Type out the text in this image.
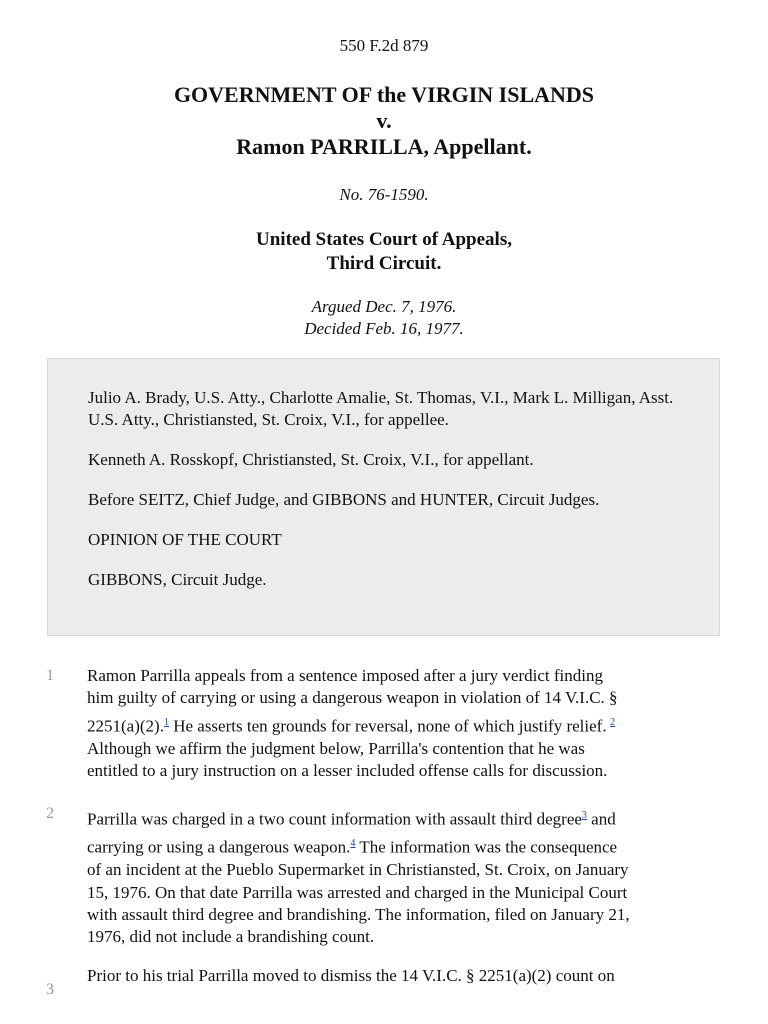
550 F.2d 879
GOVERNMENT OF the VIRGIN ISLANDS
v.
Ramon PARRILLA, Appellant.
No. 76-1590.
United States Court of Appeals,
Third Circuit.
Argued Dec. 7, 1976.
Decided Feb. 16, 1977.

Julio A. Brady, U.S. Atty., Charlotte Amalie, St. Thomas, V.I., Mark L. Milligan, Asst. U.S. Atty., Christiansted, St. Croix, V.I., for appellee.

Kenneth A. Rosskopf, Christiansted, St. Croix, V.I., for appellant.

Before SEITZ, Chief Judge, and GIBBONS and HUNTER, Circuit Judges.

OPINION OF THE COURT

GIBBONS, Circuit Judge.

1 Ramon Parrilla appeals from a sentence imposed after a jury verdict finding
him guilty of carrying or using a dangerous weapon in violation of 14 V.I.C. §
2251(a)(2).$^1$ He asserts ten grounds for reversal, none of which justify relief. $^2$
Although we affirm the judgment below, Parrilla's contention that he was
entitled to a jury instruction on a lesser included offense calls for discussion.
2 Parrilla was charged in a two count information with assault third degree$^3$ and
carrying or using a dangerous weapon.$^4$ The information was the consequence
of an incident at the Pueblo Supermarket in Christiansted, St. Croix, on January
15, 1976. On that date Parrilla was arrested and charged in the Municipal Court
with assault third degree and brandishing. The information, filed on January 21,
1976, did not include a brandishing count.
3
Prior to his trial Parrilla moved to dismiss the 14 V.I.C. § 2251(a)(2) count on
